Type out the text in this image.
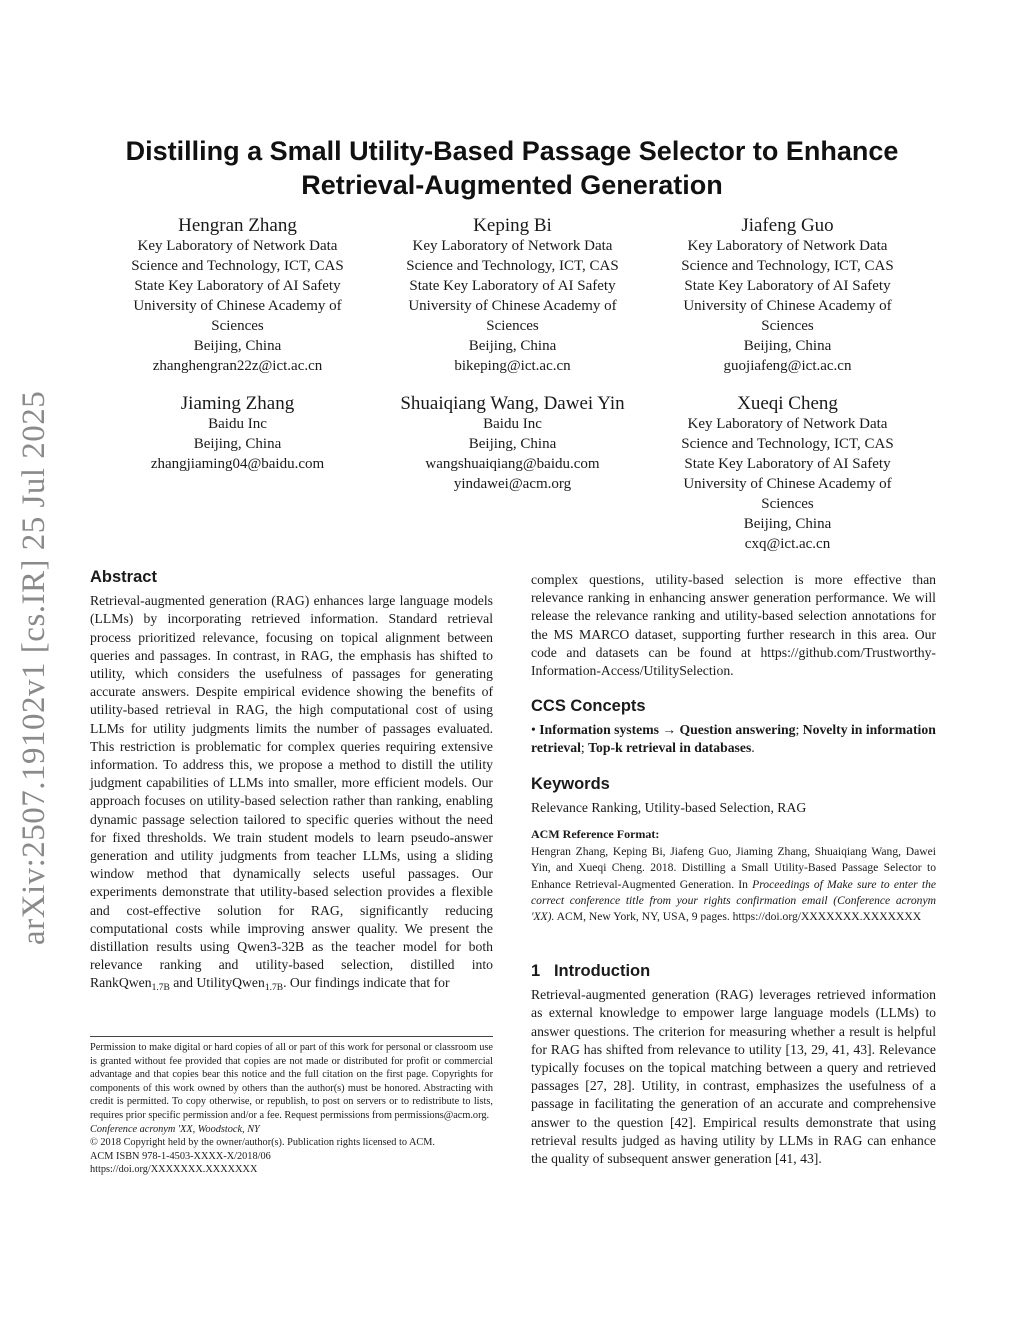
arXiv:2507.19102v1 [cs.IR] 25 Jul 2025
Distilling a Small Utility-Based Passage Selector to Enhance
Retrieval-Augmented Generation
Hengran Zhang
Key Laboratory of Network Data
Science and Technology, ICT, CAS
State Key Laboratory of AI Safety
University of Chinese Academy of
Sciences
Beijing, China
zhanghengran22z@ict.ac.cn
Keping Bi
Key Laboratory of Network Data
Science and Technology, ICT, CAS
State Key Laboratory of AI Safety
University of Chinese Academy of
Sciences
Beijing, China
bikeping@ict.ac.cn
Jiafeng Guo
Key Laboratory of Network Data
Science and Technology, ICT, CAS
State Key Laboratory of AI Safety
University of Chinese Academy of
Sciences
Beijing, China
guojiafeng@ict.ac.cn
Jiaming Zhang
Baidu Inc
Beijing, China
zhangjiaming04@baidu.com
Shuaiqiang Wang, Dawei Yin
Baidu Inc
Beijing, China
wangshuaiqiang@baidu.com
yindawei@acm.org
Xueqi Cheng
Key Laboratory of Network Data
Science and Technology, ICT, CAS
State Key Laboratory of AI Safety
University of Chinese Academy of
Sciences
Beijing, China
cxq@ict.ac.cn
Abstract

Retrieval-augmented generation (RAG) enhances large language models (LLMs) by incorporating retrieved information. Standard retrieval process prioritized relevance, focusing on topical alignment between queries and passages. In contrast, in RAG, the emphasis has shifted to utility, which considers the usefulness of passages for generating accurate answers. Despite empirical evidence showing the benefits of utility-based retrieval in RAG, the high computational cost of using LLMs for utility judgments limits the number of passages evaluated. This restriction is problematic for complex queries requiring extensive information. To address this, we propose a method to distill the utility judgment capabilities of LLMs into smaller, more efficient models. Our approach focuses on utility-based selection rather than ranking, enabling dynamic passage selection tailored to specific queries without the need for fixed thresholds. We train student models to learn pseudo-answer generation and utility judgments from teacher LLMs, using a sliding window method that dynamically selects useful passages. Our experiments demonstrate that utility-based selection provides a flexible and cost-effective solution for RAG, significantly reducing computational costs while improving answer quality. We present the distillation results using Qwen3-32B as the teacher model for both relevance ranking and utility-based selection, distilled into RankQwen$_{1.7B}$ and UtilityQwen$_{1.7B}$. Our findings indicate that for

Permission to make digital or hard copies of all or part of this work for personal or classroom use is granted without fee provided that copies are not made or distributed for profit or commercial advantage and that copies bear this notice and the full citation on the first page. Copyrights for components of this work owned by others than the author(s) must be honored. Abstracting with credit is permitted. To copy otherwise, or republish, to post on servers or to redistribute to lists, requires prior specific permission and/or a fee. Request permissions from permissions@acm.org.

Conference acronym 'XX, Woodstock, NY

© 2018 Copyright held by the owner/author(s). Publication rights licensed to ACM.

ACM ISBN 978-1-4503-XXXX-X/2018/06

https://doi.org/XXXXXXX.XXXXXXX

complex questions, utility-based selection is more effective than relevance ranking in enhancing answer generation performance. We will release the relevance ranking and utility-based selection annotations for the MS MARCO dataset, supporting further research in this area. Our code and datasets can be found at https://github.com/Trustworthy-Information-Access/UtilitySelection.

CCS Concepts

• Information systems → Question answering; Novelty in information retrieval; Top-k retrieval in databases.

Keywords

Relevance Ranking, Utility-based Selection, RAG

ACM Reference Format:

Hengran Zhang, Keping Bi, Jiafeng Guo, Jiaming Zhang, Shuaiqiang Wang, Dawei Yin, and Xueqi Cheng. 2018. Distilling a Small Utility-Based Passage Selector to Enhance Retrieval-Augmented Generation. In Proceedings of Make sure to enter the correct conference title from your rights confirmation email (Conference acronym 'XX). ACM, New York, NY, USA, 9 pages. https://doi.org/XXXXXXX.XXXXXXX

1 Introduction

Retrieval-augmented generation (RAG) leverages retrieved information as external knowledge to empower large language models (LLMs) to answer questions. The criterion for measuring whether a result is helpful for RAG has shifted from relevance to utility [13, 29, 41, 43]. Relevance typically focuses on the topical matching between a query and retrieved passages [27, 28]. Utility, in contrast, emphasizes the usefulness of a passage in facilitating the generation of an accurate and comprehensive answer to the question [42]. Empirical results demonstrate that using retrieval results judged as having utility by LLMs in RAG can enhance the quality of subsequent answer generation [41, 43].
